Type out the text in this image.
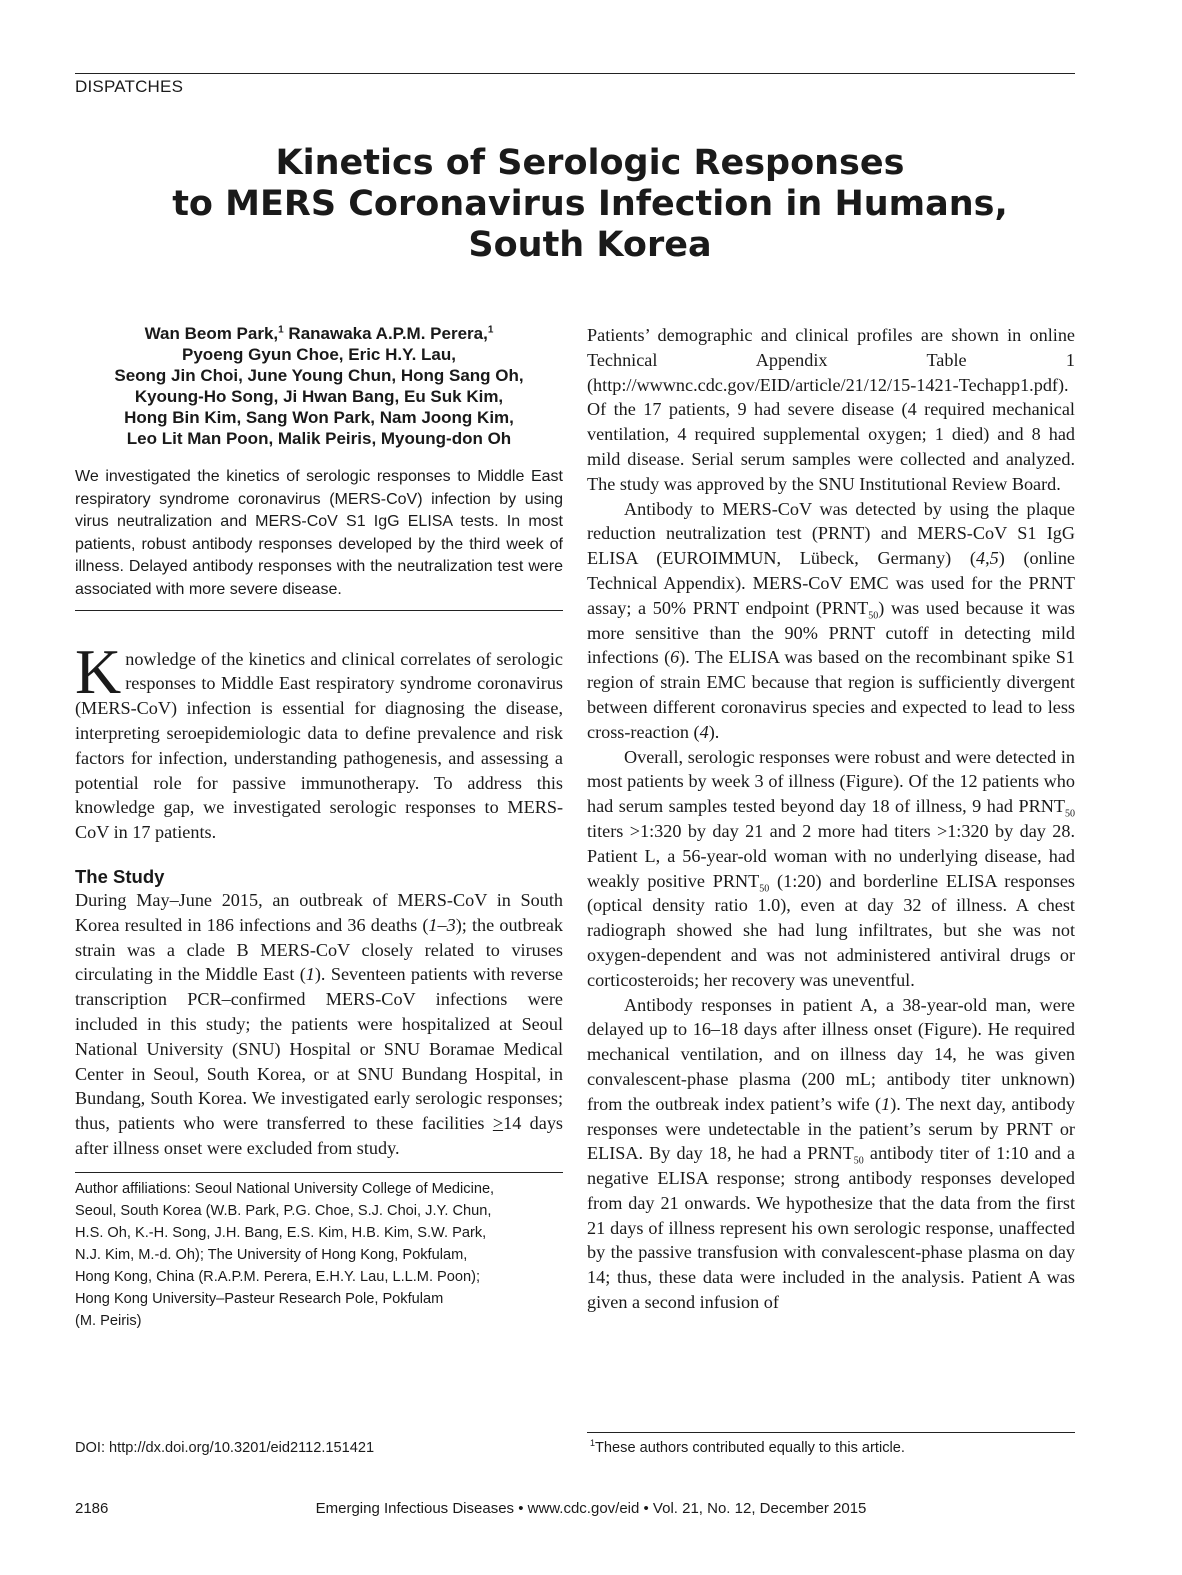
DISPATCHES
Kinetics of Serologic Responses
to MERS Coronavirus Infection in Humans,
South Korea

Wan Beom Park,$^1$ Ranawaka A.P.M. Perera,$^1$
Pyoeng Gyun Choe, Eric H.Y. Lau,
Seong Jin Choi, June Young Chun, Hong Sang Oh,
Kyoung-Ho Song, Ji Hwan Bang, Eu Suk Kim,
Hong Bin Kim, Sang Won Park, Nam Joong Kim,
Leo Lit Man Poon, Malik Peiris, Myoung-don Oh

We investigated the kinetics of serologic responses to Middle East respiratory syndrome coronavirus (MERS-CoV) infection by using virus neutralization and MERS-CoV S1 IgG ELISA tests. In most patients, robust antibody responses developed by the third week of illness. Delayed antibody responses with the neutralization test were associated with more severe disease.

Knowledge of the kinetics and clinical correlates of serologic responses to Middle East respiratory syndrome coronavirus (MERS-CoV) infection is essential for diagnosing the disease, interpreting seroepidemiologic data to define prevalence and risk factors for infection, understanding pathogenesis, and assessing a potential role for passive immunotherapy. To address this knowledge gap, we investigated serologic responses to MERS-CoV in 17 patients.

The Study

During May–June 2015, an outbreak of MERS-CoV in South Korea resulted in 186 infections and 36 deaths (1–3); the outbreak strain was a clade B MERS-CoV closely related to viruses circulating in the Middle East (1). Seventeen patients with reverse transcription PCR–confirmed MERS-CoV infections were included in this study; the patients were hospitalized at Seoul National University (SNU) Hospital or SNU Boramae Medical Center in Seoul, South Korea, or at SNU Bundang Hospital, in Bundang, South Korea. We investigated early serologic responses; thus, patients who were transferred to these facilities ≥14 days after illness onset were excluded from study.

Author affiliations: Seoul National University College of Medicine,
Seoul, South Korea (W.B. Park, P.G. Choe, S.J. Choi, J.Y. Chun,
H.S. Oh, K.-H. Song, J.H. Bang, E.S. Kim, H.B. Kim, S.W. Park,
N.J. Kim, M.-d. Oh); The University of Hong Kong, Pokfulam,
Hong Kong, China (R.A.P.M. Perera, E.H.Y. Lau, L.L.M. Poon);
Hong Kong University–Pasteur Research Pole, Pokfulam
(M. Peiris)

DOI: http://dx.doi.org/10.3201/eid2112.151421

Patients’ demographic and clinical profiles are shown in online Technical Appendix Table 1 (http://wwwnc.cdc.gov/EID/article/21/12/15-1421-Techapp1.pdf). Of the 17 patients, 9 had severe disease (4 required mechanical ventilation, 4 required supplemental oxygen; 1 died) and 8 had mild disease. Serial serum samples were collected and analyzed. The study was approved by the SNU Institutional Review Board.

Antibody to MERS-CoV was detected by using the plaque reduction neutralization test (PRNT) and MERS-CoV S1 IgG ELISA (EUROIMMUN, Lübeck, Germany) (4,5) (online Technical Appendix). MERS-CoV EMC was used for the PRNT assay; a 50% PRNT endpoint $(PRNT_{50})$ was used because it was more sensitive than the 90% PRNT cutoff in detecting mild infections (6). The ELISA was based on the recombinant spike S1 region of strain EMC because that region is sufficiently divergent between different coronavirus species and expected to lead to less cross-reaction (4).

Overall, serologic responses were robust and were detected in most patients by week 3 of illness (Figure). Of the 12 patients who had serum samples tested beyond day 18 of illness, 9 had $PRNT_{50}$ titers >1:320 by day 21 and 2 more had titers >1:320 by day 28. Patient L, a 56-year-old woman with no underlying disease, had weakly positive $PRNT_{50}$ (1:20) and borderline ELISA responses (optical density ratio 1.0), even at day 32 of illness. A chest radiograph showed she had lung infiltrates, but she was not oxygen-dependent and was not administered antiviral drugs or corticosteroids; her recovery was uneventful.

Antibody responses in patient A, a 38-year-old man, were delayed up to 16–18 days after illness onset (Figure). He required mechanical ventilation, and on illness day 14, he was given convalescent-phase plasma (200 mL; antibody titer unknown) from the outbreak index patient’s wife (1). The next day, antibody responses were undetectable in the patient’s serum by PRNT or ELISA. By day 18, he had a $PRNT_{50}$ antibody titer of 1:10 and a negative ELISA response; strong antibody responses developed from day 21 onwards. We hypothesize that the data from the first 21 days of illness represent his own serologic response, unaffected by the passive transfusion with convalescent-phase plasma on day 14; thus, these data were included in the analysis. Patient A was given a second infusion of

$^1$These authors contributed equally to this article.
Emerging Infectious Diseases • www.cdc.gov/eid • Vol. 21, No. 12, December 2015
2186
